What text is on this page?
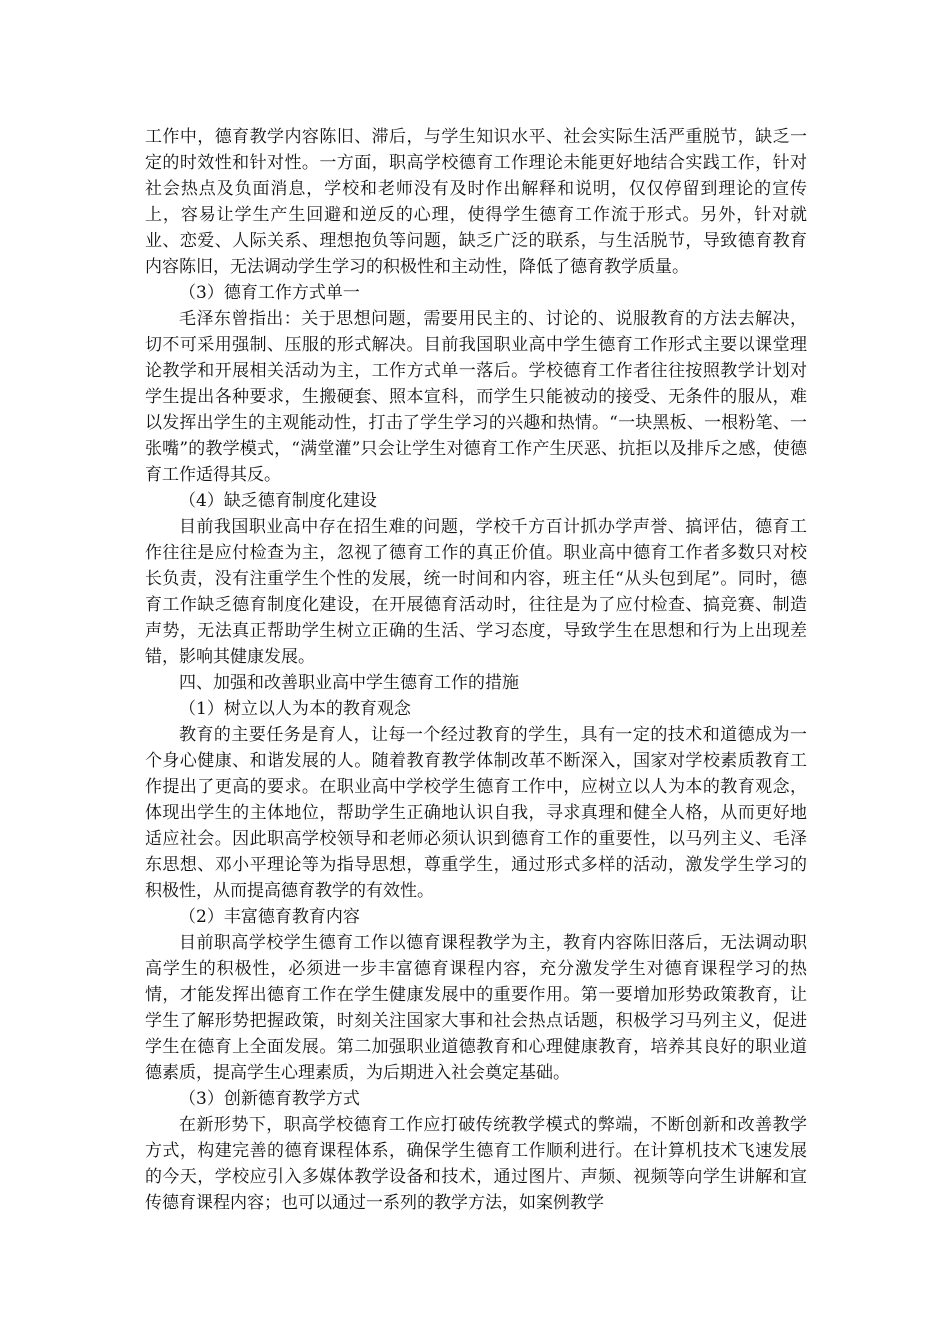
工作中，德育教学内容陈旧、滞后，与学生知识水平、社会实际生活严重脱节，缺乏一定的时效性和针对性。一方面，职高学校德育工作理论未能更好地结合实践工作，针对社会热点及负面消息，学校和老师没有及时作出解释和说明，仅仅停留到理论的宣传上，容易让学生产生回避和逆反的心理，使得学生德育工作流于形式。另外，针对就业、恋爱、人际关系、理想抱负等问题，缺乏广泛的联系，与生活脱节，导致德育教育内容陈旧，无法调动学生学习的积极性和主动性，降低了德育教学质量。

（3）德育工作方式单一

毛泽东曾指出：关于思想问题，需要用民主的、讨论的、说服教育的方法去解决，切不可采用强制、压服的形式解决。目前我国职业高中学生德育工作形式主要以课堂理论教学和开展相关活动为主，工作方式单一落后。学校德育工作者往往按照教学计划对学生提出各种要求，生搬硬套、照本宣科，而学生只能被动的接受、无条件的服从，难以发挥出学生的主观能动性，打击了学生学习的兴趣和热情。“一块黑板、一根粉笔、一张嘴”的教学模式，“满堂灌”只会让学生对德育工作产生厌恶、抗拒以及排斥之感，使德育工作适得其反。

（4）缺乏德育制度化建设

目前我国职业高中存在招生难的问题，学校千方百计抓办学声誉、搞评估，德育工作往往是应付检查为主，忽视了德育工作的真正价值。职业高中德育工作者多数只对校长负责，没有注重学生个性的发展，统一时间和内容，班主任“从头包到尾”。同时，德育工作缺乏德育制度化建设，在开展德育活动时，往往是为了应付检查、搞竞赛、制造声势，无法真正帮助学生树立正确的生活、学习态度，导致学生在思想和行为上出现差错，影响其健康发展。

四、加强和改善职业高中学生德育工作的措施

（1）树立以人为本的教育观念

教育的主要任务是育人，让每一个经过教育的学生，具有一定的技术和道德成为一个身心健康、和谐发展的人。随着教育教学体制改革不断深入，国家对学校素质教育工作提出了更高的要求。在职业高中学校学生德育工作中，应树立以人为本的教育观念，体现出学生的主体地位，帮助学生正确地认识自我，寻求真理和健全人格，从而更好地适应社会。因此职高学校领导和老师必须认识到德育工作的重要性，以马列主义、毛泽东思想、邓小平理论等为指导思想，尊重学生，通过形式多样的活动，激发学生学习的积极性，从而提高德育教学的有效性。

（2）丰富德育教育内容

目前职高学校学生德育工作以德育课程教学为主，教育内容陈旧落后，无法调动职高学生的积极性，必须进一步丰富德育课程内容，充分激发学生对德育课程学习的热情，才能发挥出德育工作在学生健康发展中的重要作用。第一要增加形势政策教育，让学生了解形势把握政策，时刻关注国家大事和社会热点话题，积极学习马列主义，促进学生在德育上全面发展。第二加强职业道德教育和心理健康教育，培养其良好的职业道德素质，提高学生心理素质，为后期进入社会奠定基础。

（3）创新德育教学方式

在新形势下，职高学校德育工作应打破传统教学模式的弊端，不断创新和改善教学方式，构建完善的德育课程体系，确保学生德育工作顺利进行。在计算机技术飞速发展的今天，学校应引入多媒体教学设备和技术，通过图片、声频、视频等向学生讲解和宣传德育课程内容；也可以通过一系列的教学方法，如案例教学
